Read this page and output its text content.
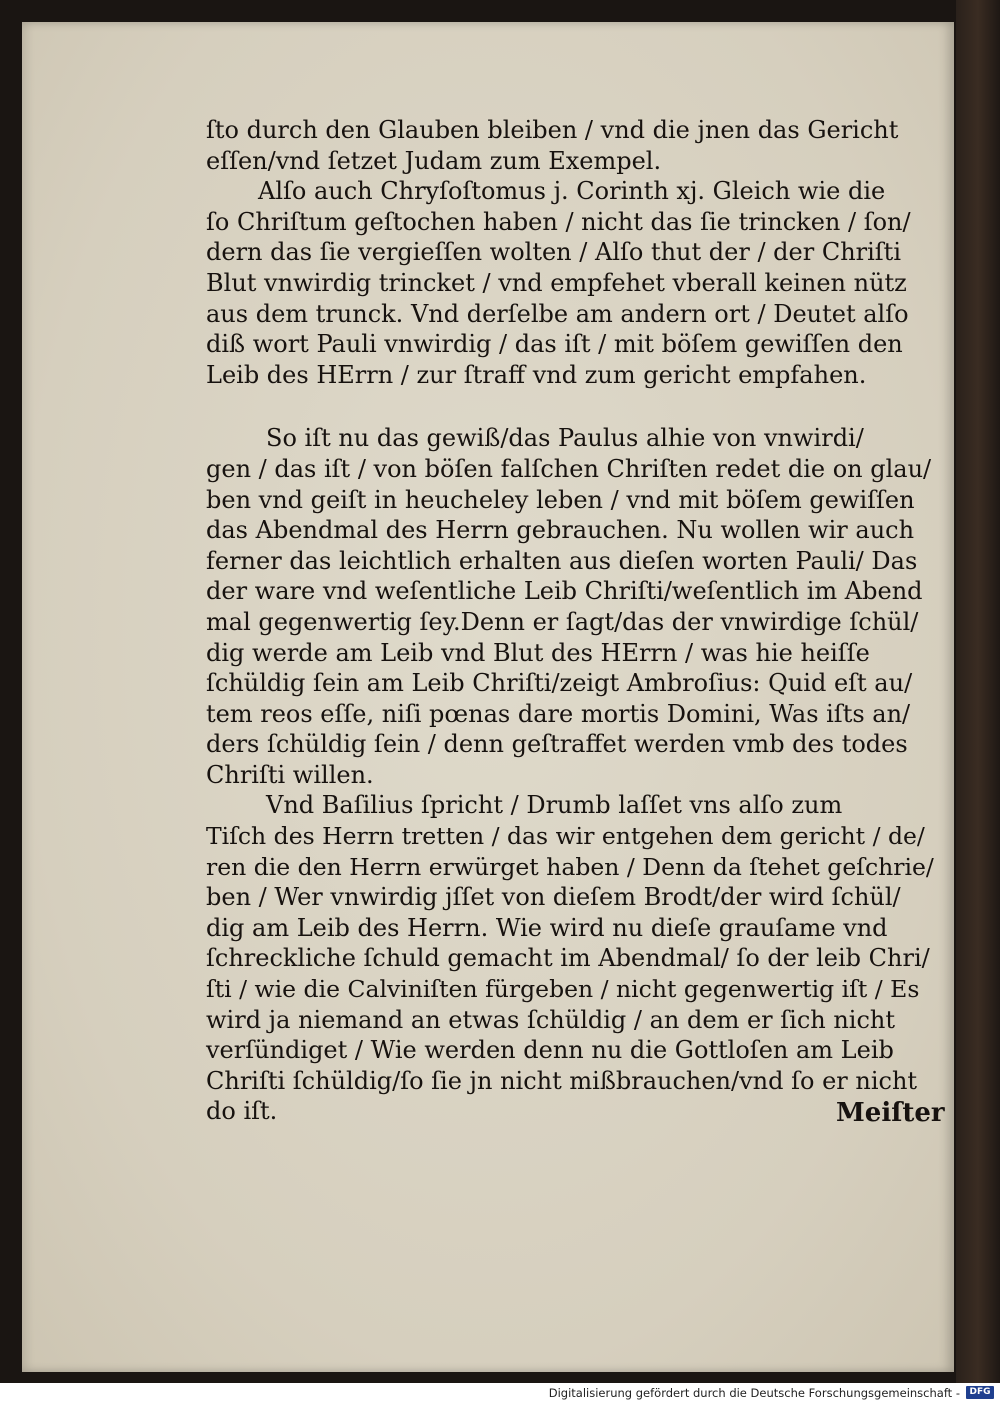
ſto durch den Glauben bleiben / vnd die jnen das Gericht
eſſen/vnd ſetzet Judam zum Exempel.
Alſo auch Chryſoſtomus j. Corinth xj. Gleich wie die
ſo Chriſtum geſtochen haben / nicht das ſie trincken / ſon/
dern das ſie vergieſſen wolten / Alſo thut der / der Chriſti
Blut vnwirdig trincket / vnd empfehet vberall keinen nütz
aus dem trunck. Vnd derſelbe am andern ort / Deutet alſo
diß wort Pauli vnwirdig / das iſt / mit böſem gewiſſen den
Leib des HErrn / zur ſtraff vnd zum gericht empfahen.
So iſt nu das gewiß/das Paulus alhie von vnwirdi/
gen / das iſt / von böſen falſchen Chriſten redet die on glau/
ben vnd geiſt in heucheley leben / vnd mit böſem gewiſſen
das Abendmal des Herrn gebrauchen. Nu wollen wir auch
ferner das leichtlich erhalten aus dieſen worten Pauli/ Das
der ware vnd weſentliche Leib Chriſti/weſentlich im Abend
mal gegenwertig ſey.Denn er ſagt/das der vnwirdige ſchül/
dig werde am Leib vnd Blut des HErrn / was hie heiſſe
ſchüldig ſein am Leib Chriſti/zeigt Ambroſius: Quid eſt au/
tem reos eſſe, niſi pœnas dare mortis Domini, Was iſts an/
ders ſchüldig ſein / denn geſtraffet werden vmb des todes
Chriſti willen.
Vnd Baſilius ſpricht / Drumb laſſet vns alſo zum
Tiſch des Herrn tretten / das wir entgehen dem gericht / de/
ren die den Herrn erwürget haben / Denn da ſtehet geſchrie/
ben / Wer vnwirdig jſſet von dieſem Brodt/der wird ſchül/
dig am Leib des Herrn. Wie wird nu dieſe grauſame vnd
ſchreckliche ſchuld gemacht im Abendmal/ ſo der leib Chri/
ſti / wie die Calviniſten fürgeben / nicht gegenwertig iſt / Es
wird ja niemand an etwas ſchüldig / an dem er ſich nicht
verſündiget / Wie werden denn nu die Gottloſen am Leib
Chriſti ſchüldig/ſo ſie jn nicht mißbrauchen/vnd ſo er nicht
do iſt.	Meiſter
Digitalisierung gefördert durch die Deutsche Forschungsgemeinschaft -	DFG
